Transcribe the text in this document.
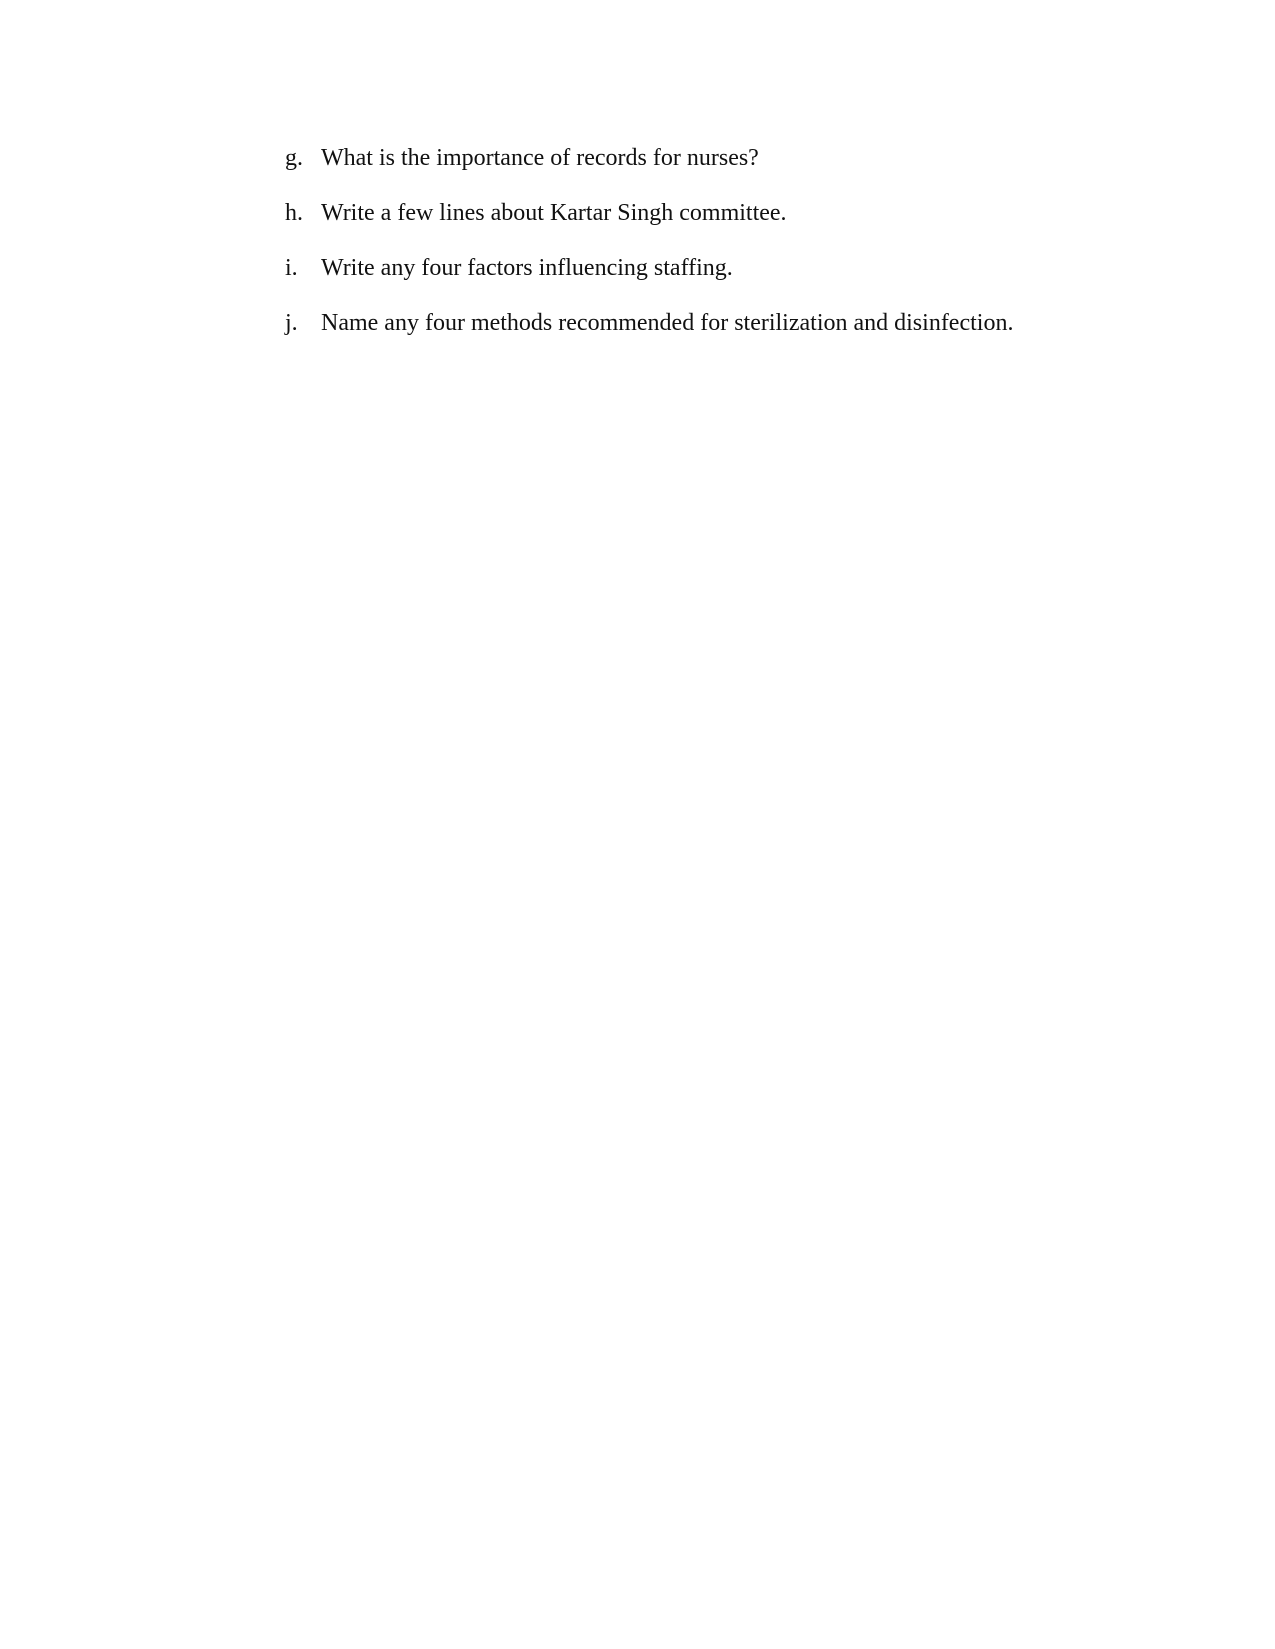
g. What is the importance of records for nurses?
h. Write a few lines about Kartar Singh committee.
i. Write any four factors influencing staffing.
j. Name any four methods recommended for sterilization and disinfection.
